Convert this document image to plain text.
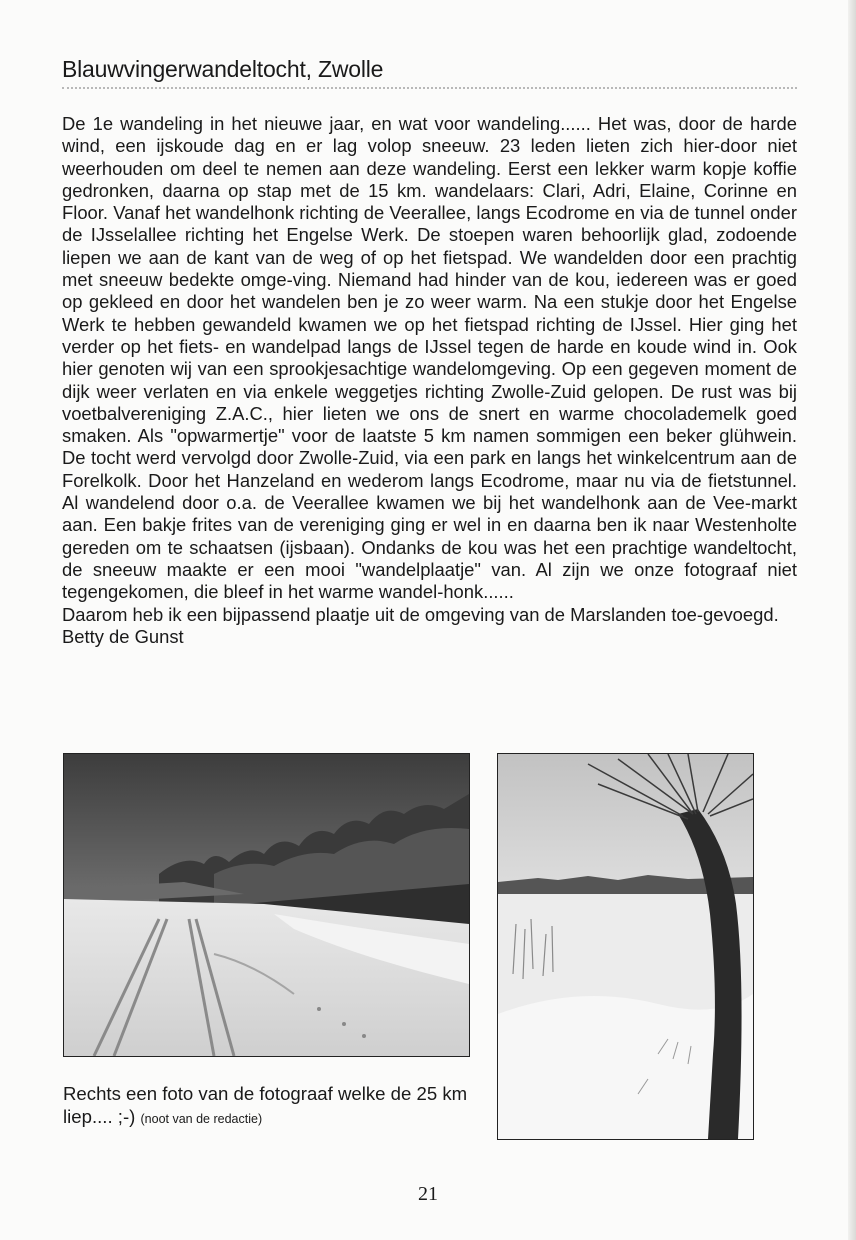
Blauwvingerwandeltocht, Zwolle

De 1e wandeling in het nieuwe jaar, en wat voor wandeling...... Het was, door de harde wind, een ijskoude dag en er lag volop sneeuw. 23 leden lieten zich hier-door niet weerhouden om deel te nemen aan deze wandeling. Eerst een lekker warm kopje koffie gedronken, daarna op stap met de 15 km. wandelaars: Clari, Adri, Elaine, Corinne en Floor. Vanaf het wandelhonk richting de Veerallee, langs Ecodrome en via de tunnel onder de IJsselallee richting het Engelse Werk. De stoepen waren behoorlijk glad, zodoende liepen we aan de kant van de weg of op het fietspad. We wandelden door een prachtig met sneeuw bedekte omge-ving. Niemand had hinder van de kou, iedereen was er goed op gekleed en door het wandelen ben je zo weer warm. Na een stukje door het Engelse Werk te hebben gewandeld kwamen we op het fietspad richting de IJssel. Hier ging het verder op het fiets- en wandelpad langs de IJssel tegen de harde en koude wind in. Ook hier genoten wij van een sprookjesachtige wandelomgeving. Op een gegeven moment de dijk weer verlaten en via enkele weggetjes richting Zwolle-Zuid gelopen. De rust was bij voetbalvereniging Z.A.C., hier lieten we ons de snert en warme chocolademelk goed smaken. Als "opwarmertje" voor de laatste 5 km namen sommigen een beker glühwein. De tocht werd vervolgd door Zwolle-Zuid, via een park en langs het winkelcentrum aan de Forelkolk. Door het Hanzeland en wederom langs Ecodrome, maar nu via de fietstunnel. Al wandelend door o.a. de Veerallee kwamen we bij het wandelhonk aan de Vee-markt aan. Een bakje frites van de vereniging ging er wel in en daarna ben ik naar Westenholte gereden om te schaatsen (ijsbaan). Ondanks de kou was het een prachtige wandeltocht, de sneeuw maakte er een mooi "wandelplaatje" van. Al zijn we onze fotograaf niet tegengekomen, die bleef in het warme wandel-honk......

Daarom heb ik een bijpassend plaatje uit de omgeving van de Marslanden toe-gevoegd. Betty de Gunst

Rechts een foto van de fotograaf welke de 25 km liep.... ;-) (noot van de redactie)
21
